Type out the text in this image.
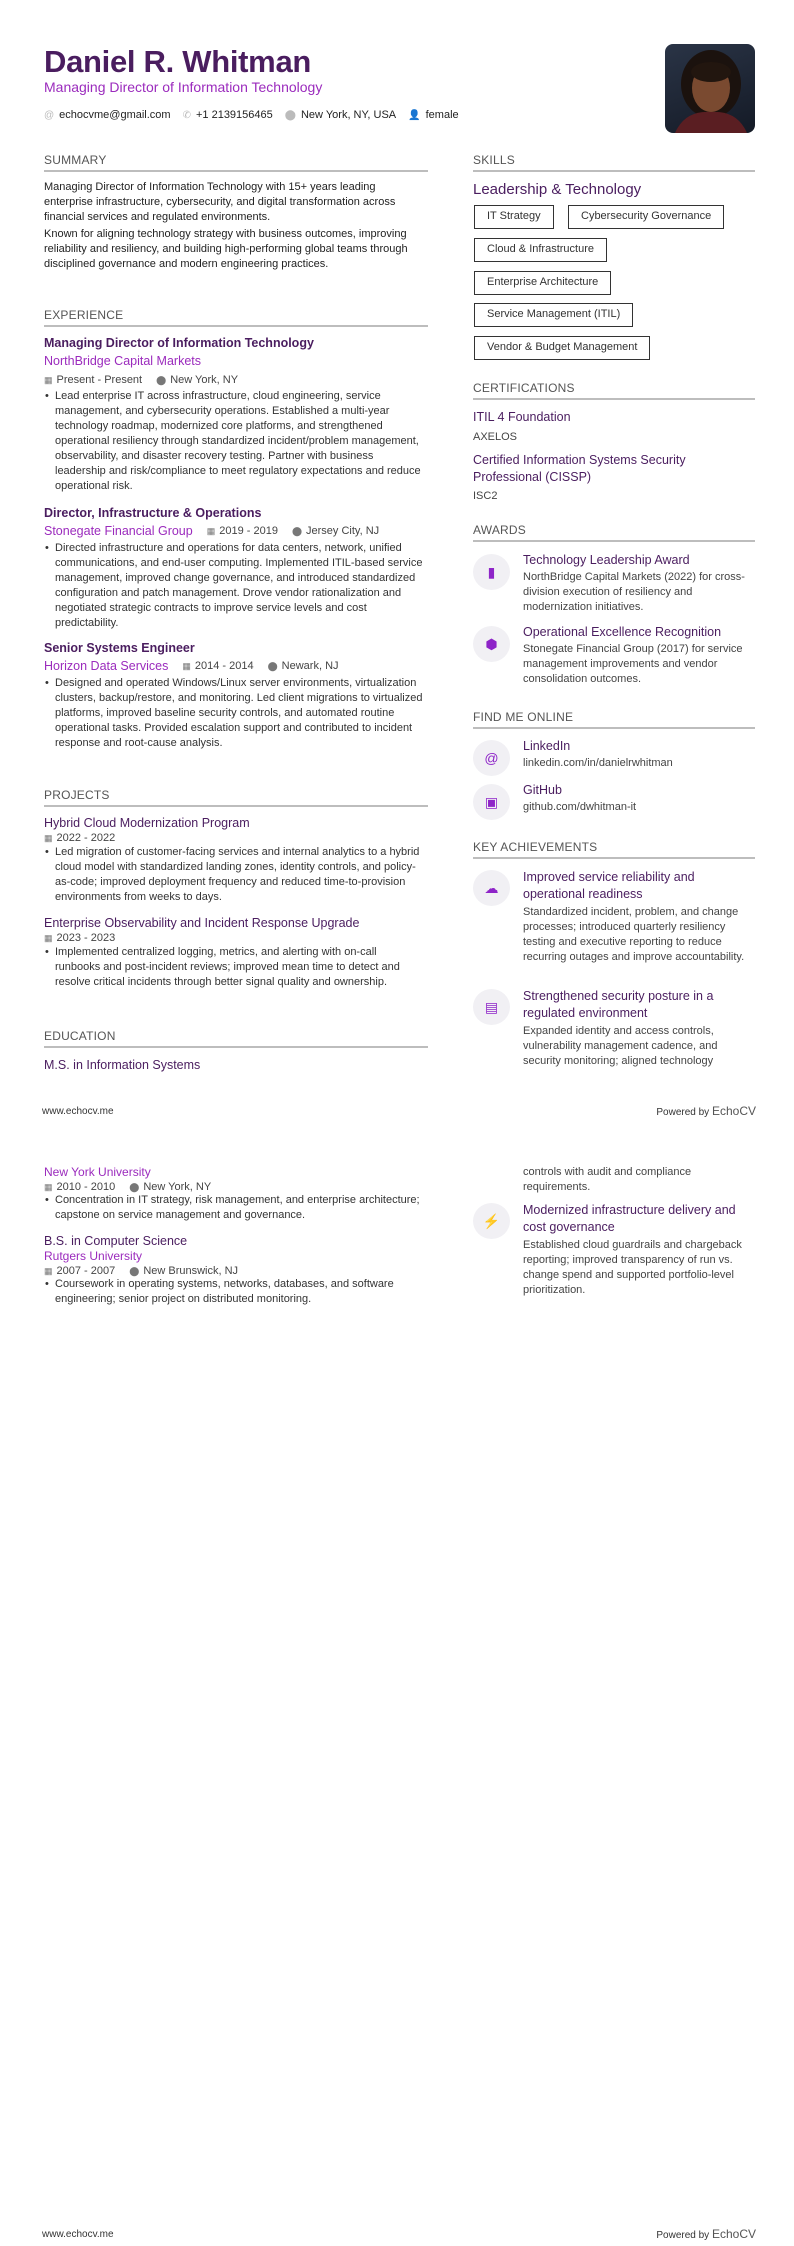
Daniel R. Whitman
Managing Director of Information Technology
@ echocvme@gmail.com ✆ +1 2139156465 ⬤ New York, NY, USA 👤 female
SUMMARY

Managing Director of Information Technology with 15+ years leading enterprise infrastructure, cybersecurity, and digital transformation across financial services and regulated environments.

Known for aligning technology strategy with business outcomes, improving reliability and resiliency, and building high-performing global teams through disciplined governance and modern engineering practices.

EXPERIENCE
Managing Director of Information Technology
NorthBridge Capital Markets
▦ Present - Present ⬤ New York, NY
• Lead enterprise IT across infrastructure, cloud engineering, service management, and cybersecurity operations. Established a multi-year technology roadmap, modernized core platforms, and strengthened operational resiliency through standardized incident/problem management, observability, and disaster recovery testing. Partner with business leadership and risk/compliance to meet regulatory expectations and reduce operational risk.
Director, Infrastructure & Operations
Stonegate Financial Group ▦ 2019 - 2019 ⬤ Jersey City, NJ
• Directed infrastructure and operations for data centers, network, unified communications, and end-user computing. Implemented ITIL-based service management, improved change governance, and introduced standardized configuration and patch management. Drove vendor rationalization and negotiated strategic contracts to improve service levels and cost predictability.
Senior Systems Engineer
Horizon Data Services ▦ 2014 - 2014 ⬤ Newark, NJ
• Designed and operated Windows/Linux server environments, virtualization clusters, backup/restore, and monitoring. Led client migrations to virtualized platforms, improved baseline security controls, and automated routine operational tasks. Provided escalation support and contributed to incident response and root-cause analysis.
PROJECTS
Hybrid Cloud Modernization Program
▦ 2022 - 2022
• Led migration of customer-facing services and internal analytics to a hybrid cloud model with standardized landing zones, identity controls, and policy-as-code; improved deployment frequency and reduced time-to-provision environments from weeks to days.
Enterprise Observability and Incident Response Upgrade
▦ 2023 - 2023
• Implemented centralized logging, metrics, and alerting with on-call runbooks and post-incident reviews; improved mean time to detect and resolve critical incidents through better signal quality and ownership.
EDUCATION
M.S. in Information Systems
New York University
▦ 2010 - 2010 ⬤ New York, NY
• Concentration in IT strategy, risk management, and enterprise architecture; capstone on service management and governance.
B.S. in Computer Science
Rutgers University
▦ 2007 - 2007 ⬤ New Brunswick, NJ
• Coursework in operating systems, networks, databases, and software engineering; senior project on distributed monitoring.
SKILLS
Leadership & Technology
IT Strategy	Cybersecurity Governance
Cloud & Infrastructure
Enterprise Architecture
Service Management (ITIL)
Vendor & Budget Management
CERTIFICATIONS
ITIL 4 Foundation
AXELOS
Certified Information Systems Security Professional (CISSP)
ISC2
AWARDS
▮
Technology Leadership Award
NorthBridge Capital Markets (2022) for cross-division execution of resiliency and modernization initiatives.
⬢
Operational Excellence Recognition
Stonegate Financial Group (2017) for service management improvements and vendor consolidation outcomes.
FIND ME ONLINE
@
LinkedIn
linkedin.com/in/danielrwhitman
▣
GitHub
github.com/dwhitman-it
KEY ACHIEVEMENTS
☁
Improved service reliability and operational readiness
Standardized incident, problem, and change processes; introduced quarterly resiliency testing and executive reporting to reduce recurring outages and improve accountability.
▤
Strengthened security posture in a regulated environment
Expanded identity and access controls, vulnerability management cadence, and security monitoring; aligned technology
controls with audit and compliance requirements.
⚡
Modernized infrastructure delivery and cost governance
Established cloud guardrails and chargeback reporting; improved transparency of run vs. change spend and supported portfolio-level prioritization.
www.echocv.me	Powered by EchoCV
www.echocv.me	Powered by EchoCV
